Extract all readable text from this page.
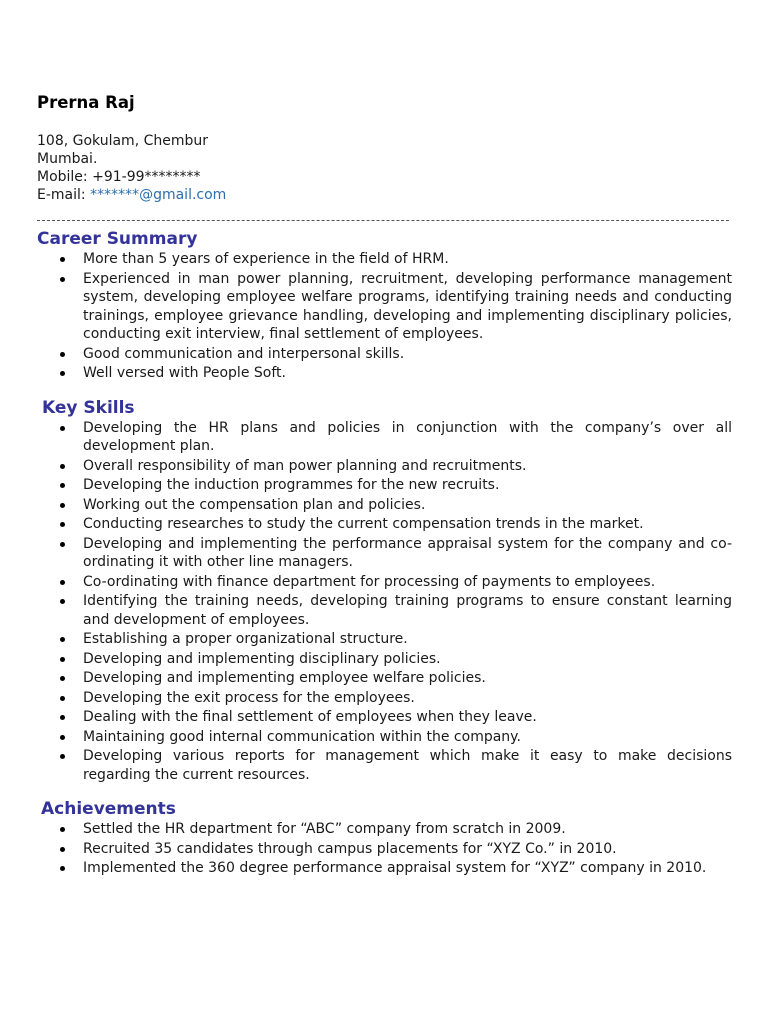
Prerna Raj
108, Gokulam, Chembur
Mumbai.
Mobile: +91-99********
E-mail: *******@gmail.com
Career Summary
More than 5 years of experience in the field of HRM.
Experienced in man power planning, recruitment, developing performance management system, developing employee welfare programs, identifying training needs and conducting trainings, employee grievance handling, developing and implementing disciplinary policies, conducting exit interview, final settlement of employees.
Good communication and interpersonal skills.
Well versed with People Soft.
Key Skills
Developing the HR plans and policies in conjunction with the company’s over all development plan.
Overall responsibility of man power planning and recruitments.
Developing the induction programmes for the new recruits.
Working out the compensation plan and policies.
Conducting researches to study the current compensation trends in the market.
Developing and implementing the performance appraisal system for the company and co-ordinating it with other line managers.
Co-ordinating with finance department for processing of payments to employees.
Identifying the training needs, developing training programs to ensure constant learning and development of employees.
Establishing a proper organizational structure.
Developing and implementing disciplinary policies.
Developing and implementing employee welfare policies.
Developing the exit process for the employees.
Dealing with the final settlement of employees when they leave.
Maintaining good internal communication within the company.
Developing various reports for management which make it easy to make decisions regarding the current resources.
Achievements
Settled the HR department for “ABC” company from scratch in 2009.
Recruited 35 candidates through campus placements for “XYZ Co.” in 2010.
Implemented the 360 degree performance appraisal system for “XYZ” company in 2010.
